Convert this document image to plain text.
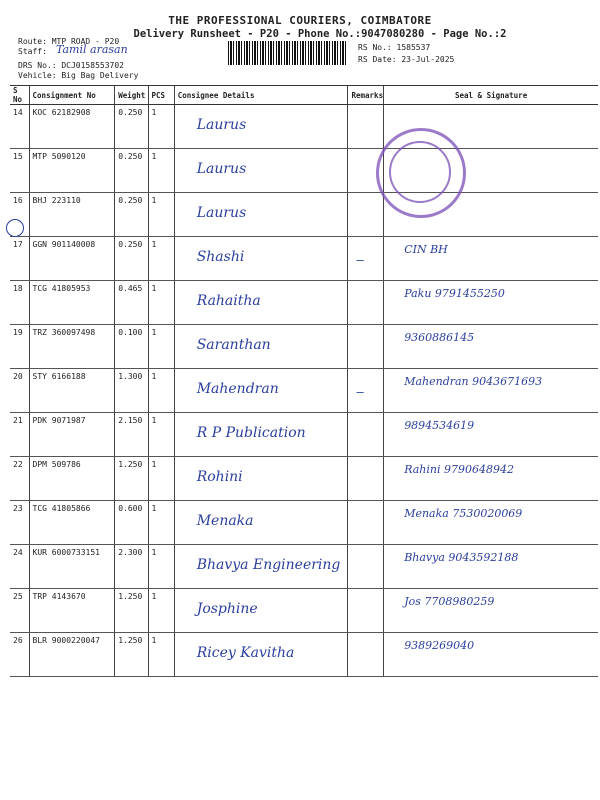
THE PROFESSIONAL COURIERS, COIMBATORE
Delivery Runsheet - P20 - Phone No.:9047080280 - Page No.:2
Route: MTP ROAD - P20
Staff: Tamil arasan
DRS No.: DCJ0158553702
Vehicle: Big Bag Delivery
RS No.: 1585537
RS Date: 23-Jul-2025
S No	Consignment No	Weight	PCS	Consignee Details	Remarks	Seal & Signature
14	KOC 62182908	0.250	1	Laurus		

15	MTP 5090120	0.250	1	Laurus		

16	BHJ 223110	0.250	1	Laurus		

17	GGN 901140008	0.250	1	Shashi	—	CIN BH

18	TCG 41805953	0.465	1	Rahaitha		Paku 9791455250

19	TRZ 360097498	0.100	1	Saranthan		9360886145

20	STY 6166188	1.300	1	Mahendran	—	Mahendran 9043671693

21	PDK 9071987	2.150	1	R P Publication		9894534619

22	DPM 509786	1.250	1	Rohini		Rahini 9790648942

23	TCG 41805866	0.600	1	Menaka		Menaka 7530020069

24	KUR 6000733151	2.300	1	Bhavya Engineering		Bhavya 9043592188

25	TRP 4143670	1.250	1	Josphine		Jos 7708980259

26	BLR 9000220047	1.250	1	Ricey Kavitha		9389269040
